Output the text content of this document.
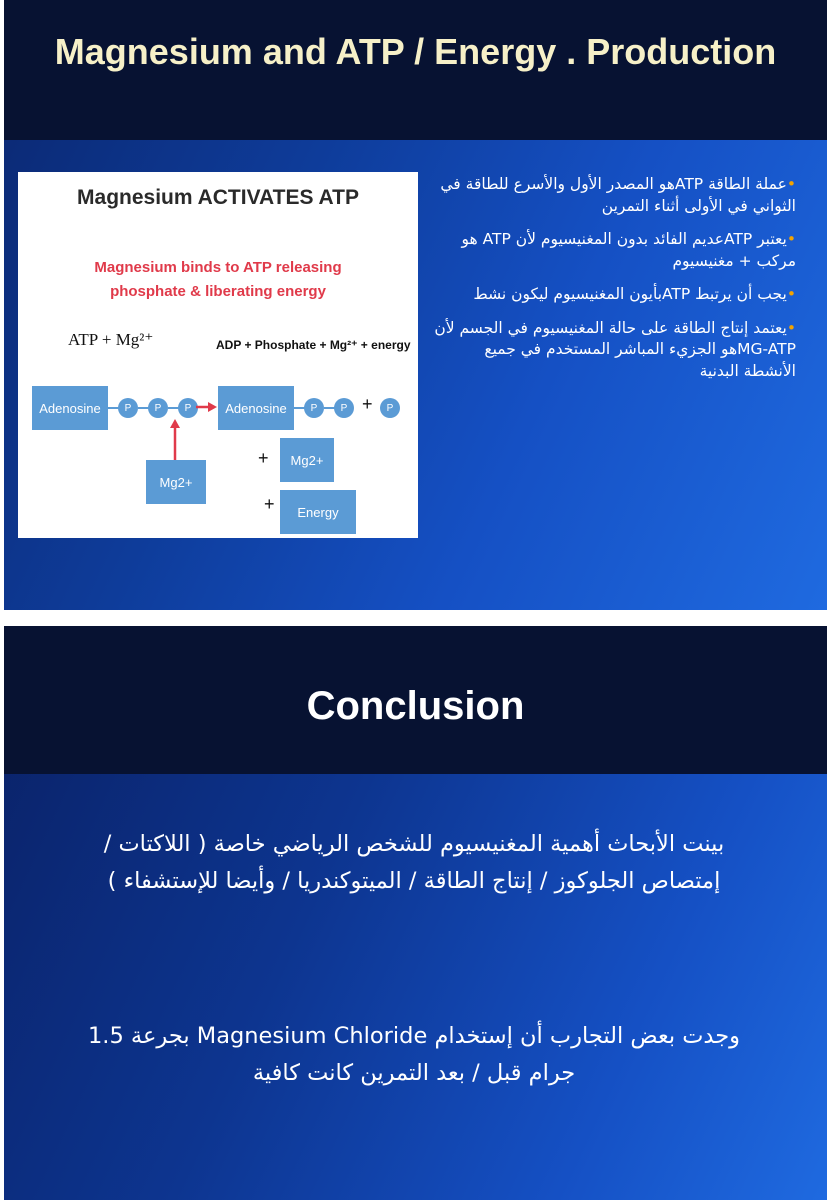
Magnesium and ATP / Energy . Production
Magnesium ACTIVATES ATP
Magnesium binds to ATP releasing phosphate & liberating energy
ATP + Mg²⁺	ADP + Phosphate + Mg²⁺ + energy
Adenosine	P	P	P →
Mg2+
Adenosine	P	P +	P
+	Mg2+
+	Energy
•عملة الطاقة ATPهو المصدر الأول والأسرع للطاقة في الثواني في الأولى أثناء التمرين
•يعتبر ATPعديم الفائد بدون المغنيسيوم لأن ATP هو مركب + مغنيسيوم
•يجب أن يرتبط ATPبأيون المغنيسيوم ليكون نشط
•يعتمد إنتاج الطاقة على حالة المغنيسيوم في الجسم لأن MG-ATPهو الجزيء المباشر المستخدم في جميع الأنشطة البدنية
Conclusion
بينت الأبحاث أهمية المغنيسيوم للشخص الرياضي خاصة ( اللاكتات / إمتصاص الجلوكوز / إنتاج الطاقة / الميتوكندريا / وأيضا للإستشفاء )
وجدت بعض التجارب أن إستخدام Magnesium Chloride بجرعة 1.5 جرام قبل / بعد التمرين كانت كافية
